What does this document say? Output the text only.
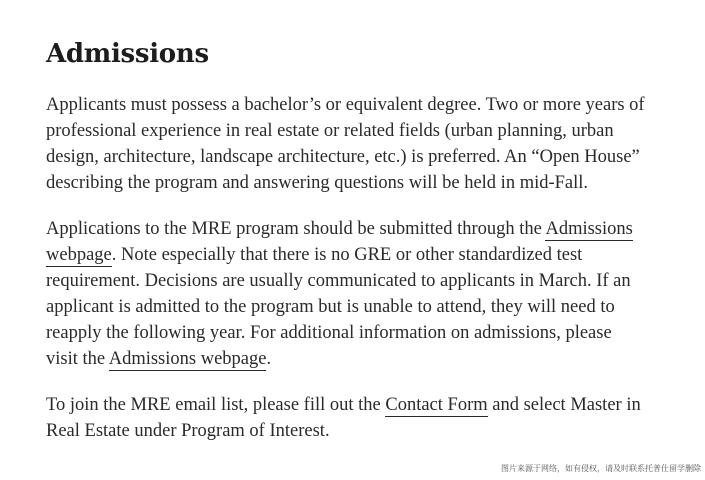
Admissions

Applicants must possess a bachelor’s or equivalent degree. Two or more years of professional experience in real estate or related fields (urban planning, urban design, architecture, landscape architecture, etc.) is preferred. An “Open House” describing the program and answering questions will be held in mid-Fall.

Applications to the MRE program should be submitted through the Admissions webpage. Note especially that there is no GRE or other standardized test requirement. Decisions are usually communicated to applicants in March. If an applicant is admitted to the program but is unable to attend, they will need to reapply the following year. For additional information on admissions, please visit the Admissions webpage.

To join the MRE email list, please fill out the Contact Form and select Master in Real Estate under Program of Interest.

图片来源于网络，如有侵权，请及时联系托普仕留学删除
